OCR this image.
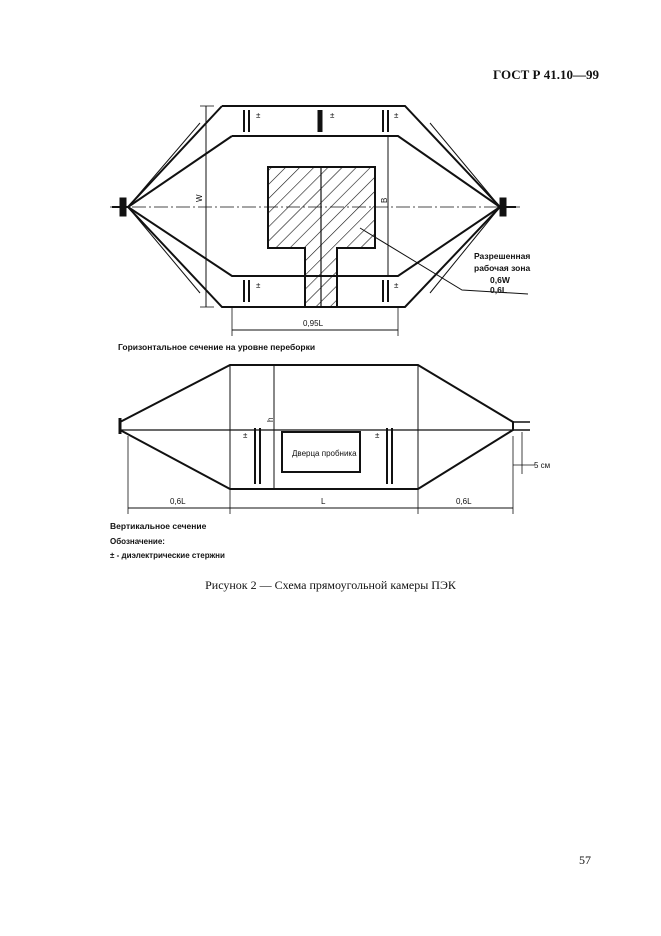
ГОСТ Р 41.10—99
W	B
±	±	±
±	±
0,95L
Разрешенная
рабочая зона
0,6W
0,6L
Горизонтальное сечение на уровне переборки
h
±	±
Дверца пробника
0,6L	L	0,6L
5 см
Вертикальное сечение
Обозначение:
± - диэлектрические стержни
Рисунок 2 — Схема прямоугольной камеры ПЭК
57
